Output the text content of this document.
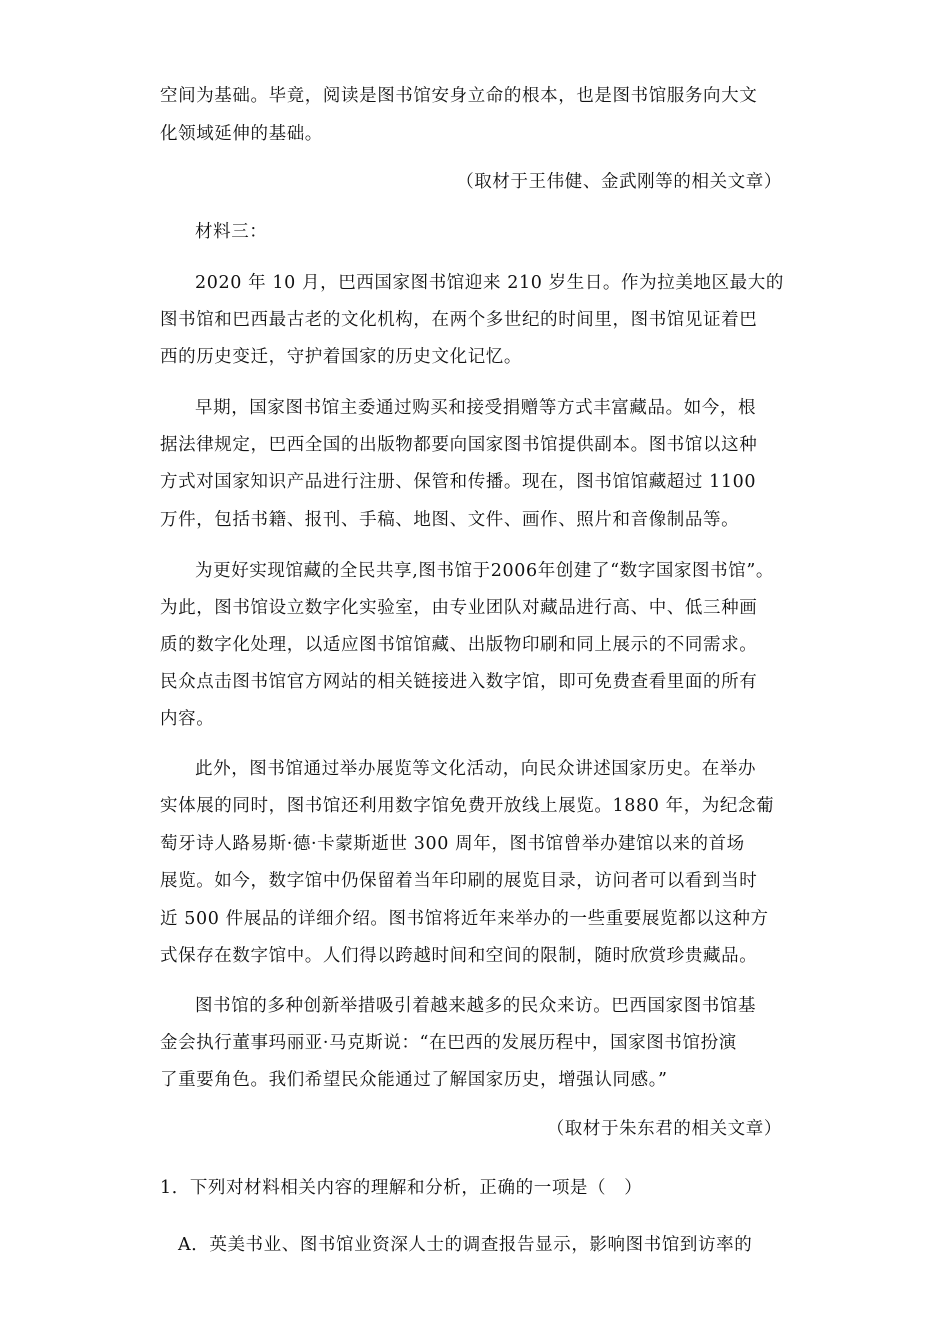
空间为基础。毕竟，阅读是图书馆安身立命的根本，也是图书馆服务向大文
化领域延伸的基础。
（取材于王伟健、金武刚等的相关文章）
材料三：
2020 年 10 月，巴西国家图书馆迎来 210 岁生日。作为拉美地区最大的
图书馆和巴西最古老的文化机构，在两个多世纪的时间里，图书馆见证着巴
西的历史变迁，守护着国家的历史文化记忆。
早期，国家图书馆主委通过购买和接受捐赠等方式丰富藏品。如今，根
据法律规定，巴西全国的出版物都要向国家图书馆提供副本。图书馆以这种
方式对国家知识产品进行注册、保管和传播。现在，图书馆馆藏超过 1100
万件，包括书籍、报刊、手稿、地图、文件、画作、照片和音像制品等。
为更好实现馆藏的全民共享,图书馆于2006年创建了“数字国家图书馆”。
为此，图书馆设立数字化实验室，由专业团队对藏品进行高、中、低三种画
质的数字化处理，以适应图书馆馆藏、出版物印刷和同上展示的不同需求。
民众点击图书馆官方网站的相关链接进入数字馆，即可免费查看里面的所有
内容。
此外，图书馆通过举办展览等文化活动，向民众讲述国家历史。在举办
实体展的同时，图书馆还利用数字馆免费开放线上展览。1880 年，为纪念葡
萄牙诗人路易斯·德·卡蒙斯逝世 300 周年，图书馆曾举办建馆以来的首场
展览。如今，数字馆中仍保留着当年印刷的展览目录，访问者可以看到当时
近 500 件展品的详细介绍。图书馆将近年来举办的一些重要展览都以这种方
式保存在数字馆中。人们得以跨越时间和空间的限制，随时欣赏珍贵藏品。
图书馆的多种创新举措吸引着越来越多的民众来访。巴西国家图书馆基
金会执行董事玛丽亚·马克斯说：“在巴西的发展历程中，国家图书馆扮演
了重要角色。我们希望民众能通过了解国家历史，增强认同感。”
（取材于朱东君的相关文章）
1．下列对材料相关内容的理解和分析，正确的一项是（　）
A．英美书业、图书馆业资深人士的调查报告显示，影响图书馆到访率的
